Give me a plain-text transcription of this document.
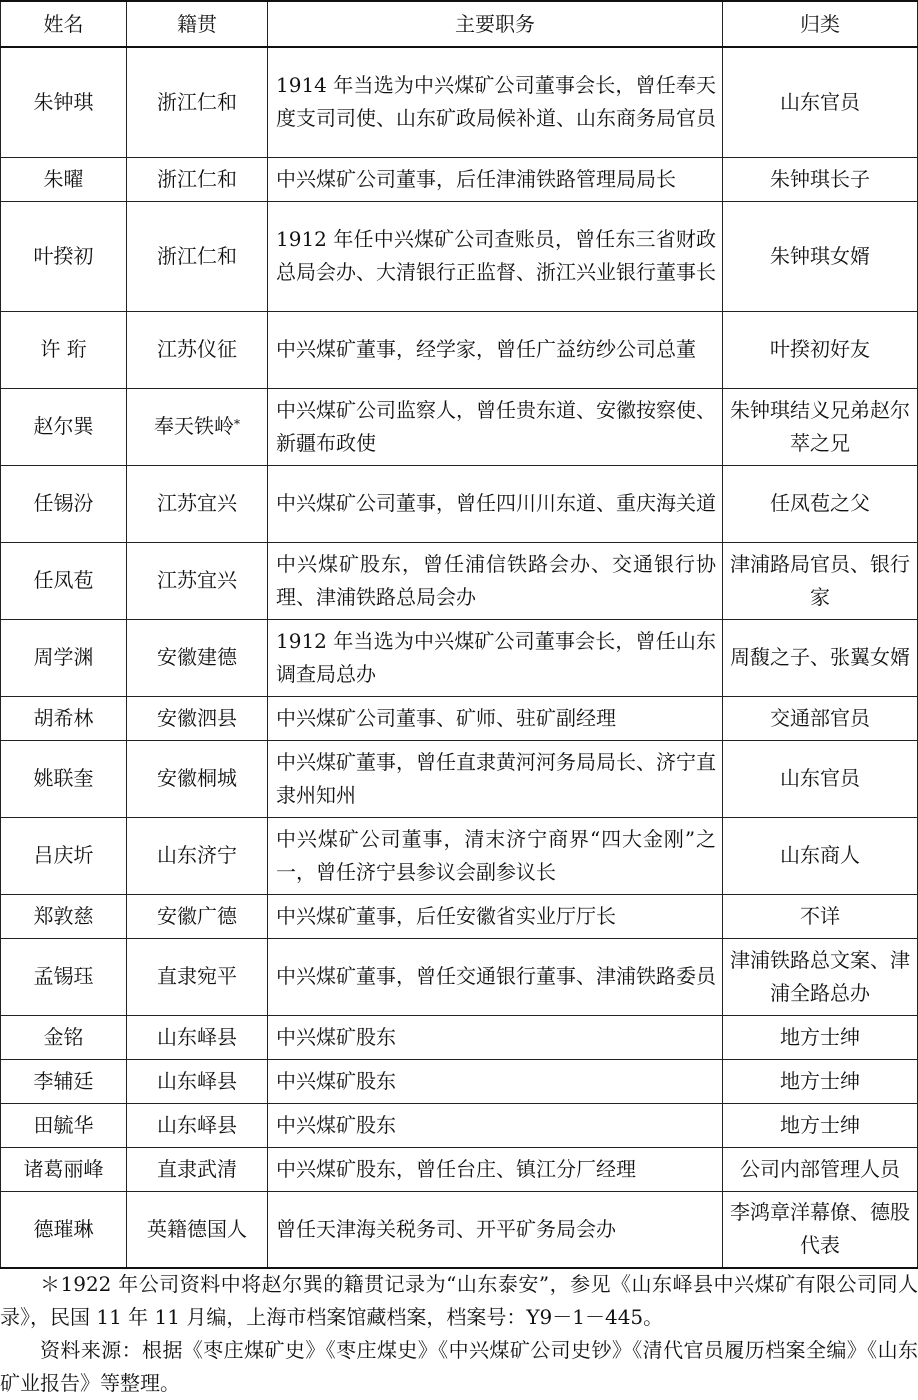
姓名	籍贯	主要职务	归类
朱钟琪	浙江仁和	1914 年当选为中兴煤矿公司董事会长，曾任奉天度支司司使、山东矿政局候补道、山东商务局官员	山东官员
朱曜	浙江仁和	中兴煤矿公司董事，后任津浦铁路管理局局长	朱钟琪长子
叶揆初	浙江仁和	1912 年任中兴煤矿公司查账员，曾任东三省财政总局会办、大清银行正监督、浙江兴业银行董事长	朱钟琪女婿
许 珩	江苏仪征	中兴煤矿董事，经学家，曾任广益纺纱公司总董	叶揆初好友
赵尔巽	奉天铁岭*	中兴煤矿公司监察人，曾任贵东道、安徽按察使、新疆布政使	朱钟琪结义兄弟赵尔萃之兄
任锡汾	江苏宜兴	中兴煤矿公司董事，曾任四川川东道、重庆海关道	任凤苞之父
任凤苞	江苏宜兴	中兴煤矿股东，曾任浦信铁路会办、交通银行协理、津浦铁路总局会办	津浦路局官员、银行家
周学渊	安徽建德	1912 年当选为中兴煤矿公司董事会长，曾任山东调查局总办	周馥之子、张翼女婿
胡希林	安徽泗县	中兴煤矿公司董事、矿师、驻矿副经理	交通部官员
姚联奎	安徽桐城	中兴煤矿董事，曾任直隶黄河河务局局长、济宁直隶州知州	山东官员
吕庆圻	山东济宁	中兴煤矿公司董事，清末济宁商界“四大金刚”之一，曾任济宁县参议会副参议长	山东商人
郑敦慈	安徽广德	中兴煤矿董事，后任安徽省实业厅厅长	不详
孟锡珏	直隶宛平	中兴煤矿董事，曾任交通银行董事、津浦铁路委员	津浦铁路总文案、津浦全路总办
金铭	山东峄县	中兴煤矿股东	地方士绅
李辅廷	山东峄县	中兴煤矿股东	地方士绅
田毓华	山东峄县	中兴煤矿股东	地方士绅
诸葛丽峰	直隶武清	中兴煤矿股东，曾任台庄、镇江分厂经理	公司内部管理人员
德璀琳	英籍德国人	曾任天津海关税务司、开平矿务局会办	李鸿章洋幕僚、德股代表

＊1922 年公司资料中将赵尔巽的籍贯记录为“山东泰安”，参见《山东峄县中兴煤矿有限公司同人录》，民国 11 年 11 月编，上海市档案馆藏档案，档案号：Y9－1－445。

资料来源：根据《枣庄煤矿史》《枣庄煤史》《中兴煤矿公司史钞》《清代官员履历档案全编》《山东矿业报告》等整理。
